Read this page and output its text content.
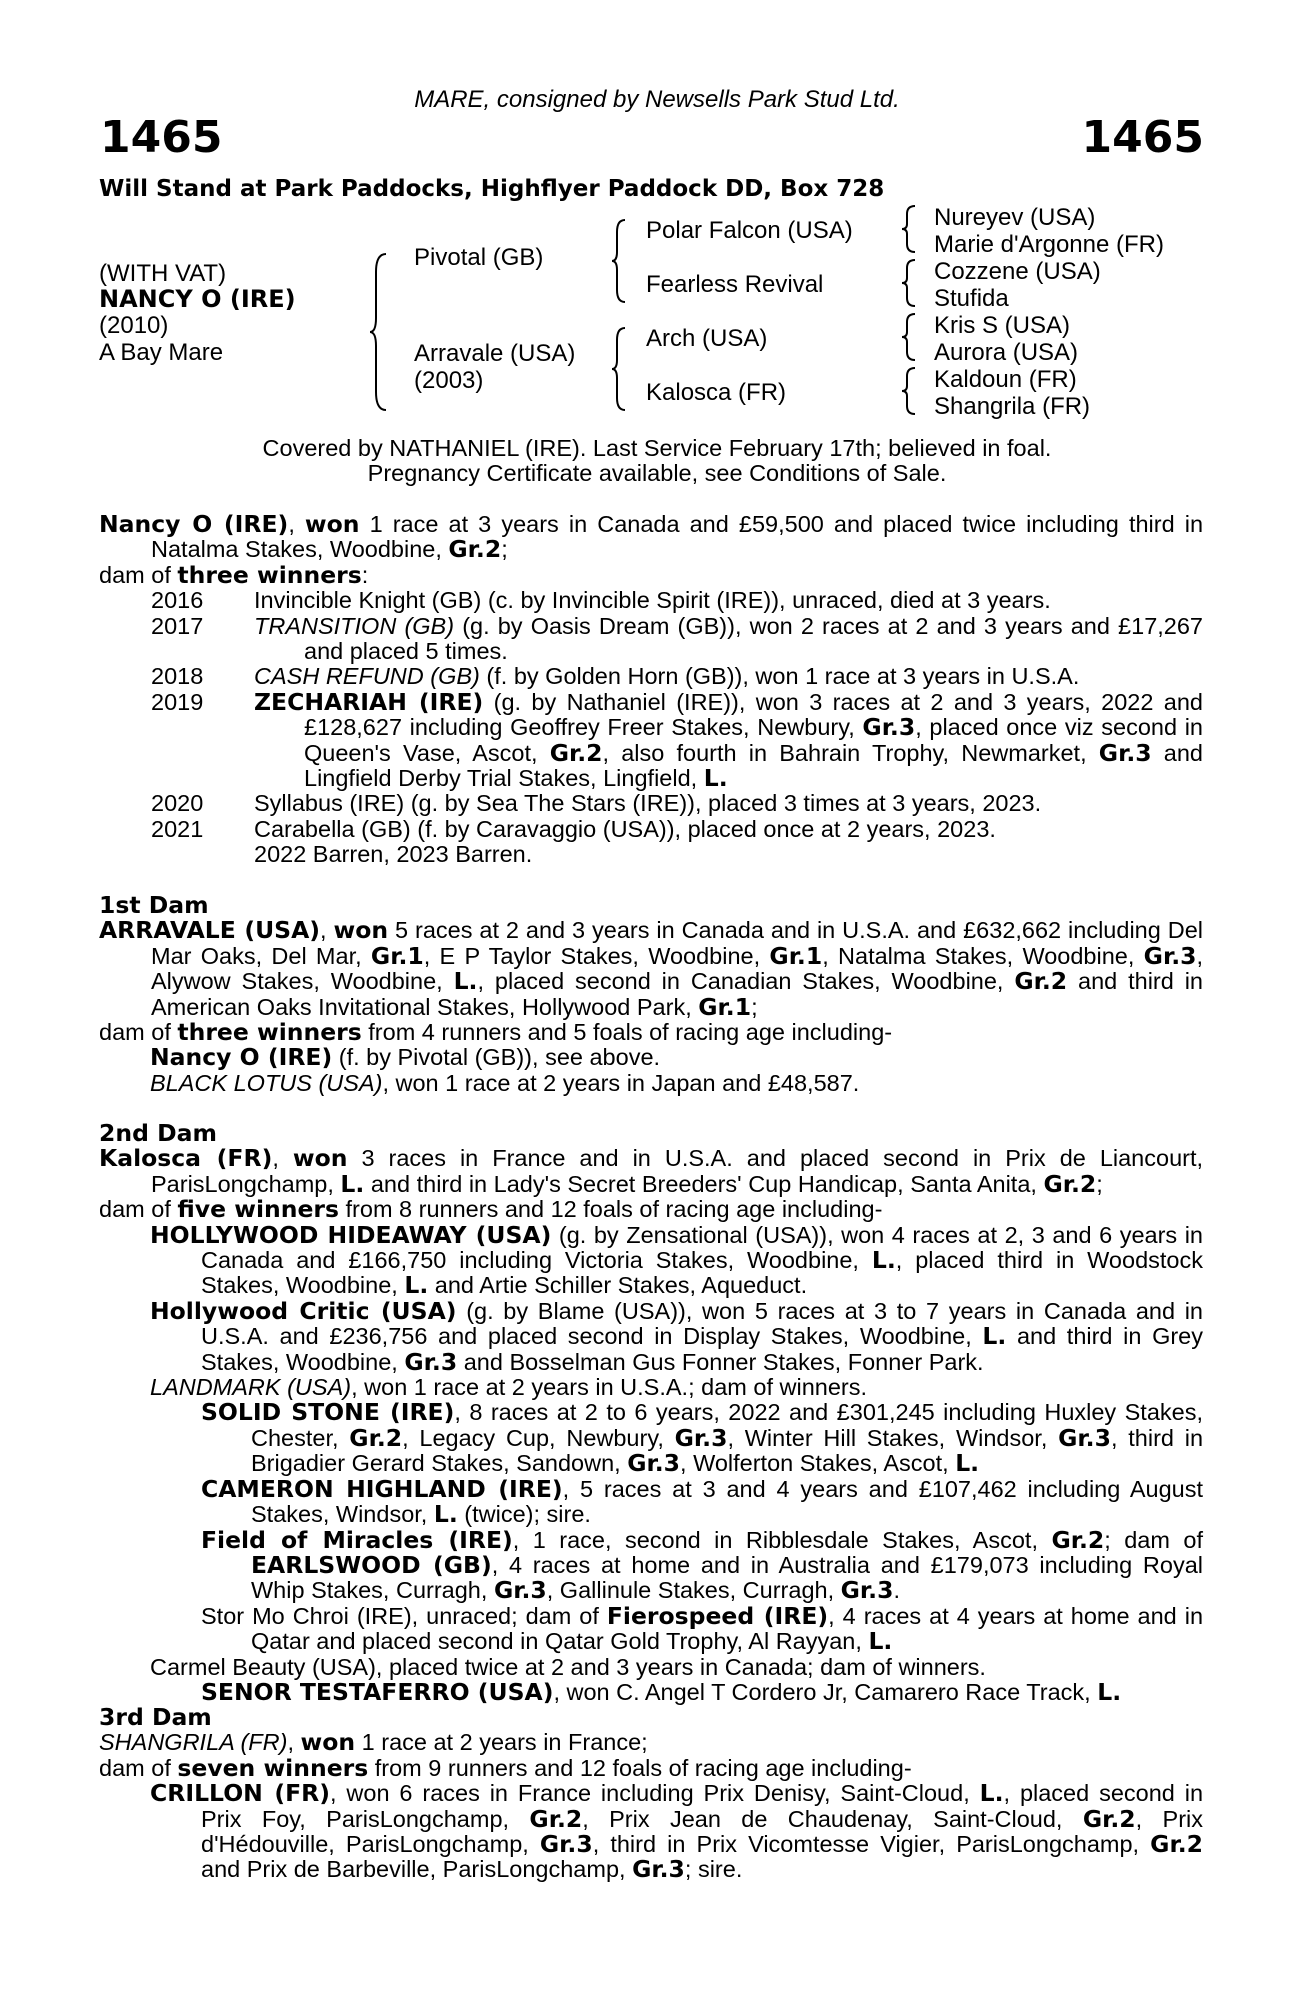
MARE, consigned by Newsells Park Stud Ltd.
1465	1465
Will Stand at Park Paddocks, Highflyer Paddock DD, Box 728
(WITH VAT)
NANCY O (IRE)
(2010)
A Bay Mare
Pivotal (GB)
Arravale (USA)
(2003)
Polar Falcon (USA)
Fearless Revival
Arch (USA)
Kalosca (FR)
Nureyev (USA)
Marie d'Argonne (FR)
Cozzene (USA)
Stufida
Kris S (USA)
Aurora (USA)
Kaldoun (FR)
Shangrila (FR)
Covered by NATHANIEL (IRE). Last Service February 17th; believed in foal.
Pregnancy Certificate available, see Conditions of Sale.
Nancy O (IRE), won 1 race at 3 years in Canada and £59,500 and placed twice including third in Natalma Stakes, Woodbine, Gr.2;
dam of three winners:
2016 Invincible Knight (GB) (c. by Invincible Spirit (IRE)), unraced, died at 3 years.
2017 TRANSITION (GB) (g. by Oasis Dream (GB)), won 2 races at 2 and 3 years and £17,267 and placed 5 times.
2018 CASH REFUND (GB) (f. by Golden Horn (GB)), won 1 race at 3 years in U.S.A.
2019 ZECHARIAH (IRE) (g. by Nathaniel (IRE)), won 3 races at 2 and 3 years, 2022 and £128,627 including Geoffrey Freer Stakes, Newbury, Gr.3, placed once viz second in Queen's Vase, Ascot, Gr.2, also fourth in Bahrain Trophy, Newmarket, Gr.3 and Lingfield Derby Trial Stakes, Lingfield, L.
2020 Syllabus (IRE) (g. by Sea The Stars (IRE)), placed 3 times at 3 years, 2023.
2021 Carabella (GB) (f. by Caravaggio (USA)), placed once at 2 years, 2023.
2022 Barren, 2023 Barren.
1st Dam
ARRAVALE (USA), won 5 races at 2 and 3 years in Canada and in U.S.A. and £632,662 including Del Mar Oaks, Del Mar, Gr.1, E P Taylor Stakes, Woodbine, Gr.1, Natalma Stakes, Woodbine, Gr.3, Alywow Stakes, Woodbine, L., placed second in Canadian Stakes, Woodbine, Gr.2 and third in American Oaks Invitational Stakes, Hollywood Park, Gr.1;
dam of three winners from 4 runners and 5 foals of racing age including-
Nancy O (IRE) (f. by Pivotal (GB)), see above.
BLACK LOTUS (USA), won 1 race at 2 years in Japan and £48,587.
2nd Dam
Kalosca (FR), won 3 races in France and in U.S.A. and placed second in Prix de Liancourt, ParisLongchamp, L. and third in Lady's Secret Breeders' Cup Handicap, Santa Anita, Gr.2;
dam of five winners from 8 runners and 12 foals of racing age including-
HOLLYWOOD HIDEAWAY (USA) (g. by Zensational (USA)), won 4 races at 2, 3 and 6 years in Canada and £166,750 including Victoria Stakes, Woodbine, L., placed third in Woodstock Stakes, Woodbine, L. and Artie Schiller Stakes, Aqueduct.
Hollywood Critic (USA) (g. by Blame (USA)), won 5 races at 3 to 7 years in Canada and in U.S.A. and £236,756 and placed second in Display Stakes, Woodbine, L. and third in Grey Stakes, Woodbine, Gr.3 and Bosselman Gus Fonner Stakes, Fonner Park.
LANDMARK (USA), won 1 race at 2 years in U.S.A.; dam of winners.
SOLID STONE (IRE), 8 races at 2 to 6 years, 2022 and £301,245 including Huxley Stakes, Chester, Gr.2, Legacy Cup, Newbury, Gr.3, Winter Hill Stakes, Windsor, Gr.3, third in Brigadier Gerard Stakes, Sandown, Gr.3, Wolferton Stakes, Ascot, L.
CAMERON HIGHLAND (IRE), 5 races at 3 and 4 years and £107,462 including August Stakes, Windsor, L. (twice); sire.
Field of Miracles (IRE), 1 race, second in Ribblesdale Stakes, Ascot, Gr.2; dam of EARLSWOOD (GB), 4 races at home and in Australia and £179,073 including Royal Whip Stakes, Curragh, Gr.3, Gallinule Stakes, Curragh, Gr.3.
Stor Mo Chroi (IRE), unraced; dam of Fierospeed (IRE), 4 races at 4 years at home and in Qatar and placed second in Qatar Gold Trophy, Al Rayyan, L.
Carmel Beauty (USA), placed twice at 2 and 3 years in Canada; dam of winners.
SENOR TESTAFERRO (USA), won C. Angel T Cordero Jr, Camarero Race Track, L.
3rd Dam
SHANGRILA (FR), won 1 race at 2 years in France;
dam of seven winners from 9 runners and 12 foals of racing age including-
CRILLON (FR), won 6 races in France including Prix Denisy, Saint-Cloud, L., placed second in Prix Foy, ParisLongchamp, Gr.2, Prix Jean de Chaudenay, Saint-Cloud, Gr.2, Prix d'Hédouville, ParisLongchamp, Gr.3, third in Prix Vicomtesse Vigier, ParisLongchamp, Gr.2 and Prix de Barbeville, ParisLongchamp, Gr.3; sire.
